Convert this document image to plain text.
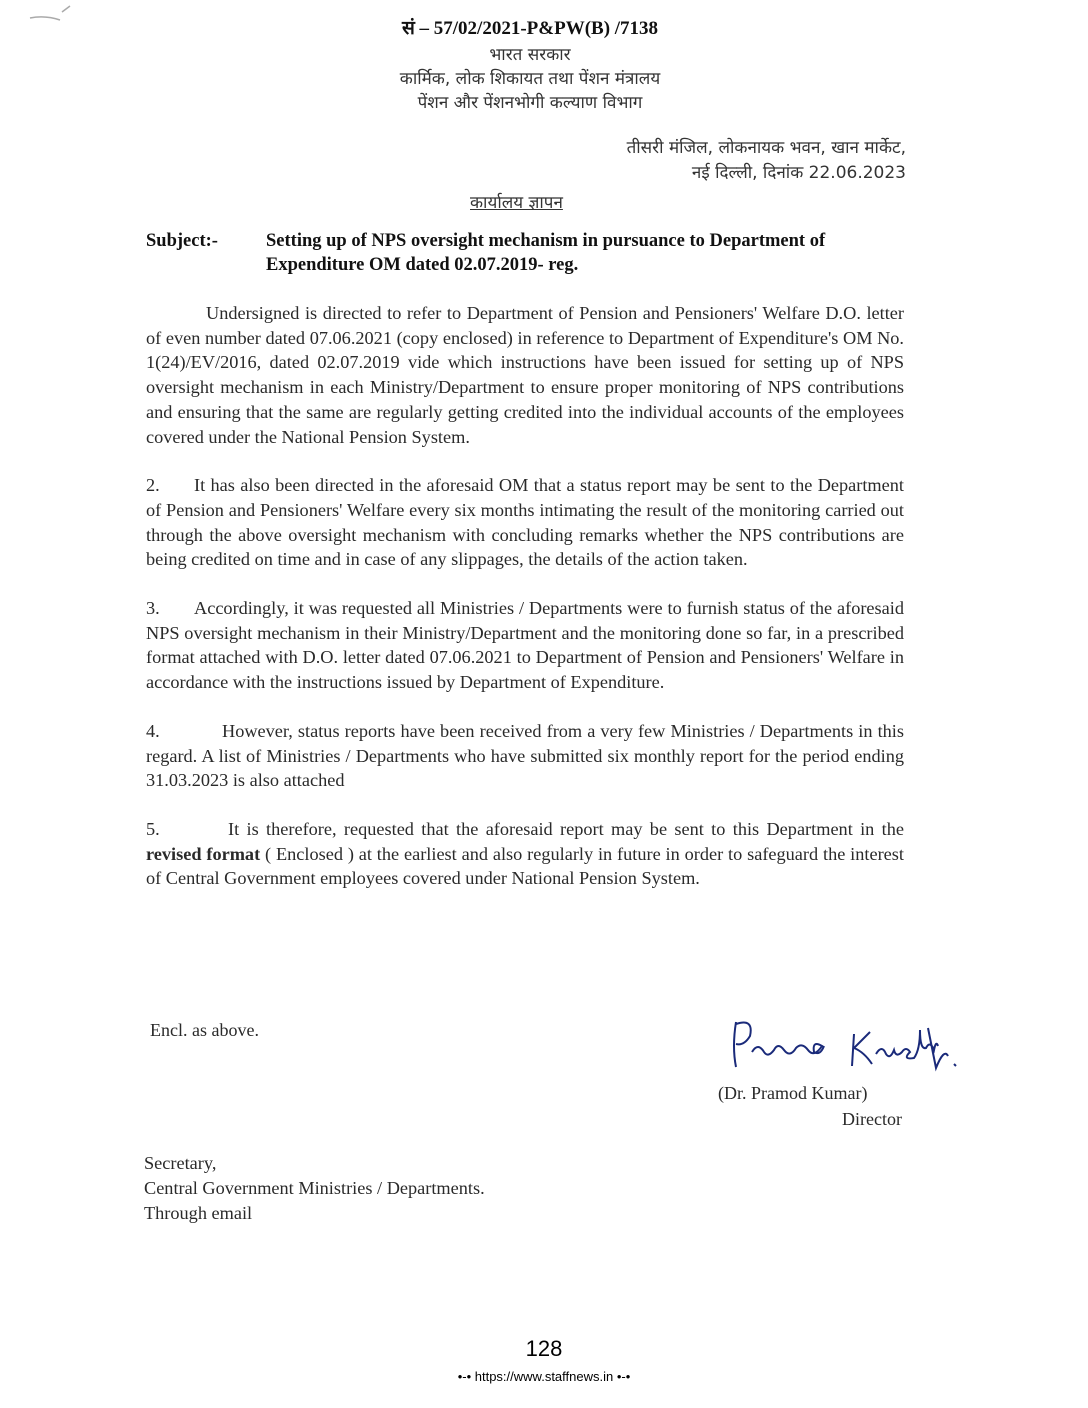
सं – 57/02/2021-P&PW(B) /7138
भारत सरकार
कार्मिक, लोक शिकायत तथा पेंशन मंत्रालय
पेंशन और पेंशनभोगी कल्याण विभाग
तीसरी मंजिल, लोकनायक भवन, खान मार्केट,
नई दिल्ली, दिनांक 22.06.2023
कार्यालय ज्ञापन
Subject:-	Setting up of NPS oversight mechanism in pursuance to Department of Expenditure OM dated 02.07.2019- reg.
Undersigned is directed to refer to Department of Pension and Pensioners' Welfare D.O. letter of even number dated 07.06.2021 (copy enclosed) in reference to Department of Expenditure's OM No. 1(24)/EV/2016, dated 02.07.2019 vide which instructions have been issued for setting up of NPS oversight mechanism in each Ministry/Department to ensure proper monitoring of NPS contributions and ensuring that the same are regularly getting credited into the individual accounts of the employees covered under the National Pension System.
2. It has also been directed in the aforesaid OM that a status report may be sent to the Department of Pension and Pensioners' Welfare every six months intimating the result of the monitoring carried out through the above oversight mechanism with concluding remarks whether the NPS contributions are being credited on time and in case of any slippages, the details of the action taken.
3. Accordingly, it was requested all Ministries / Departments were to furnish status of the aforesaid NPS oversight mechanism in their Ministry/Department and the monitoring done so far, in a prescribed format attached with D.O. letter dated 07.06.2021 to Department of Pension and Pensioners' Welfare in accordance with the instructions issued by Department of Expenditure.
4.	However, status reports have been received from a very few Ministries / Departments in this regard. A list of Ministries / Departments who have submitted six monthly report for the period ending 31.03.2023 is also attached
5.	It is therefore, requested that the aforesaid report may be sent to this Department in the revised format ( Enclosed ) at the earliest and also regularly in future in order to safeguard the interest of Central Government employees covered under National Pension System.
Encl. as above.
(Dr. Pramod Kumar)
Director
Secretary,
Central Government Ministries / Departments.
Through email
128
•-• https://www.staffnews.in •-•
